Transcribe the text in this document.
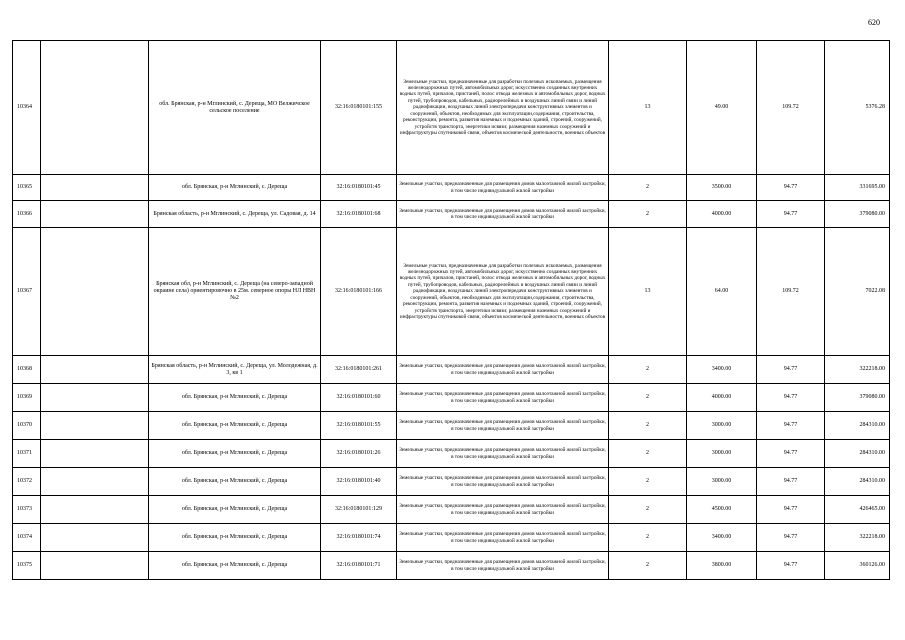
620
10364		обл. Брянская, р-н Мглинский, с. Дереща, МО Велжичское сельское поселение	32:16:0180101:155	Земельные участки, предназначенные для разработки полезных ископаемых, размещения железнодорожных путей, автомобильных дорог, искусственно созданных внутренних водных путей, причалов, пристаней, полос отвода железных и автомобильных дорог, водных путей, трубопроводов, кабельных, радиорелейных и воздушных линий связи и линий радиофикации, воздушных линий электропередачи конструктивных элементов и сооружений, объектов, необходимых для эксплуатации,содержания, строительства, реконструкции, ремонта, развития наземных и подземных зданий, строений, сооружений, устройств транспорта, энергетики исвязи; размещения наземных сооружений и инфраструктуры спутниковой связи, объектов космической деятельности, военных объектов	13	49.00	109.72	5376.28
10365		обл. Брянская, р-н Мглинский, с. Дереща	32:16:0180101:45	Земельные участки, предназначенные для размещения домов малоэтажной жилой застройки, в том числе индивидуальной жилой застройки	2	3500.00	94.77	331695.00
10366		Брянская область, р-н Мглинский, с. Дереща, ул. Садовая, д. 14	32:16:0180101:68	Земельные участки, предназначенные для размещения домов малоэтажной жилой застройки, в том числе индивидуальной жилой застройки	2	4000.00	94.77	379080.00
10367		Брянская обл, р-н Мглинский, с. Дереща (на северо-западной окраине села) ориентировочно в 25м. северное опоры НЛ НВН №2	32:16:0180101:166	Земельные участки, предназначенные для разработки полезных ископаемых, размещения железнодорожных путей, автомобильных дорог, искусственно созданных внутренних водных путей, причалов, пристаней, полос отвода железных и автомобильных дорог, водных путей, трубопроводов, кабельных, радиорелейных и воздушных линий связи и линий радиофикации, воздушных линий электропередачи конструктивных элементов и сооружений, объектов, необходимых для эксплуатации,содержания, строительства, реконструкции, ремонта, развития наземных и подземных зданий, строений, сооружений, устройств транспорта, энергетики исвязи; размещения наземных сооружений и инфраструктуры спутниковой связи, объектов космической деятельности, военных объектов	13	64.00	109.72	7022.08
10368		Брянская область, р-н Мглинский, с. Дереща, ул. Молодежная, д. 3, кв 1	32:16:0180101:261	Земельные участки, предназначенные для размещения домов малоэтажной жилой застройки, в том числе индивидуальной жилой застройки	2	3400.00	94.77	322218.00
10369		обл. Брянская, р-н Мглинский, с. Дереща	32:16:0180101:60	Земельные участки, предназначенные для размещения домов малоэтажной жилой застройки, в том числе индивидуальной жилой застройки	2	4000.00	94.77	379080.00
10370		обл. Брянская, р-н Мглинский, с. Дереща	32:16:0180101:55	Земельные участки, предназначенные для размещения домов малоэтажной жилой застройки, в том числе индивидуальной жилой застройки	2	3000.00	94.77	284310.00
10371		обл. Брянская, р-н Мглинский, с. Дереща	32:16:0180101:26	Земельные участки, предназначенные для размещения домов малоэтажной жилой застройки, в том числе индивидуальной жилой застройки	2	3000.00	94.77	284310.00
10372		обл. Брянская, р-н Мглинский, с. Дереща	32:16:0180101:40	Земельные участки, предназначенные для размещения домов малоэтажной жилой застройки, в том числе индивидуальной жилой застройки	2	3000.00	94.77	284310.00
10373		обл. Брянская, р-н Мглинский, с. Дереща	32:16:0180101:129	Земельные участки, предназначенные для размещения домов малоэтажной жилой застройки, в том числе индивидуальной жилой застройки	2	4500.00	94.77	426465.00
10374		обл. Брянская, р-н Мглинский, с. Дереща	32:16:0180101:74	Земельные участки, предназначенные для размещения домов малоэтажной жилой застройки, в том числе индивидуальной жилой застройки	2	3400.00	94.77	322218.00
10375		обл. Брянская, р-н Мглинский, с. Дереща	32:16:0180101:71	Земельные участки, предназначенные для размещения домов малоэтажной жилой застройки, в том числе индивидуальной жилой застройки	2	3800.00	94.77	360126.00
